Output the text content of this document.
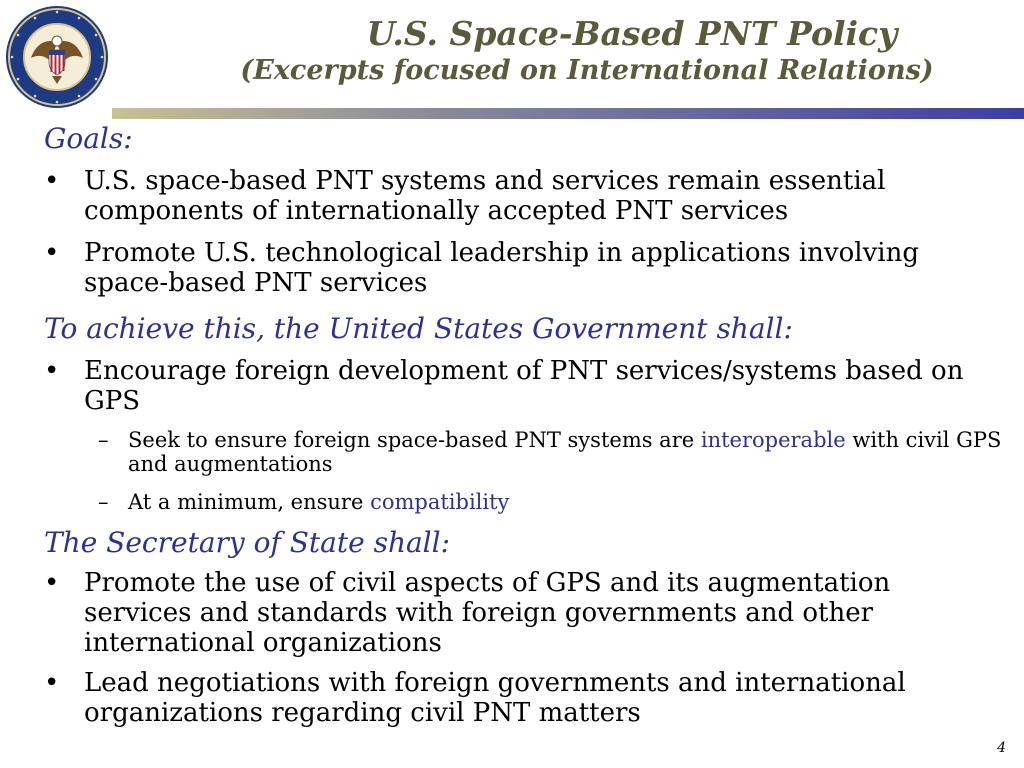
U.S. Space-Based PNT Policy
(Excerpts focused on International Relations)

Goals:

• U.S. space-based PNT systems and services remain essential components of internationally accepted PNT services
• Promote U.S. technological leadership in applications involving space-based PNT services

To achieve this, the United States Government shall:

• Encourage foreign development of PNT services/systems based on GPS
– Seek to ensure foreign space-based PNT systems are interoperable with civil GPS and augmentations
– At a minimum, ensure compatibility

The Secretary of State shall:

• Promote the use of civil aspects of GPS and its augmentation services and standards with foreign governments and other international organizations
• Lead negotiations with foreign governments and international organizations regarding civil PNT matters
4
